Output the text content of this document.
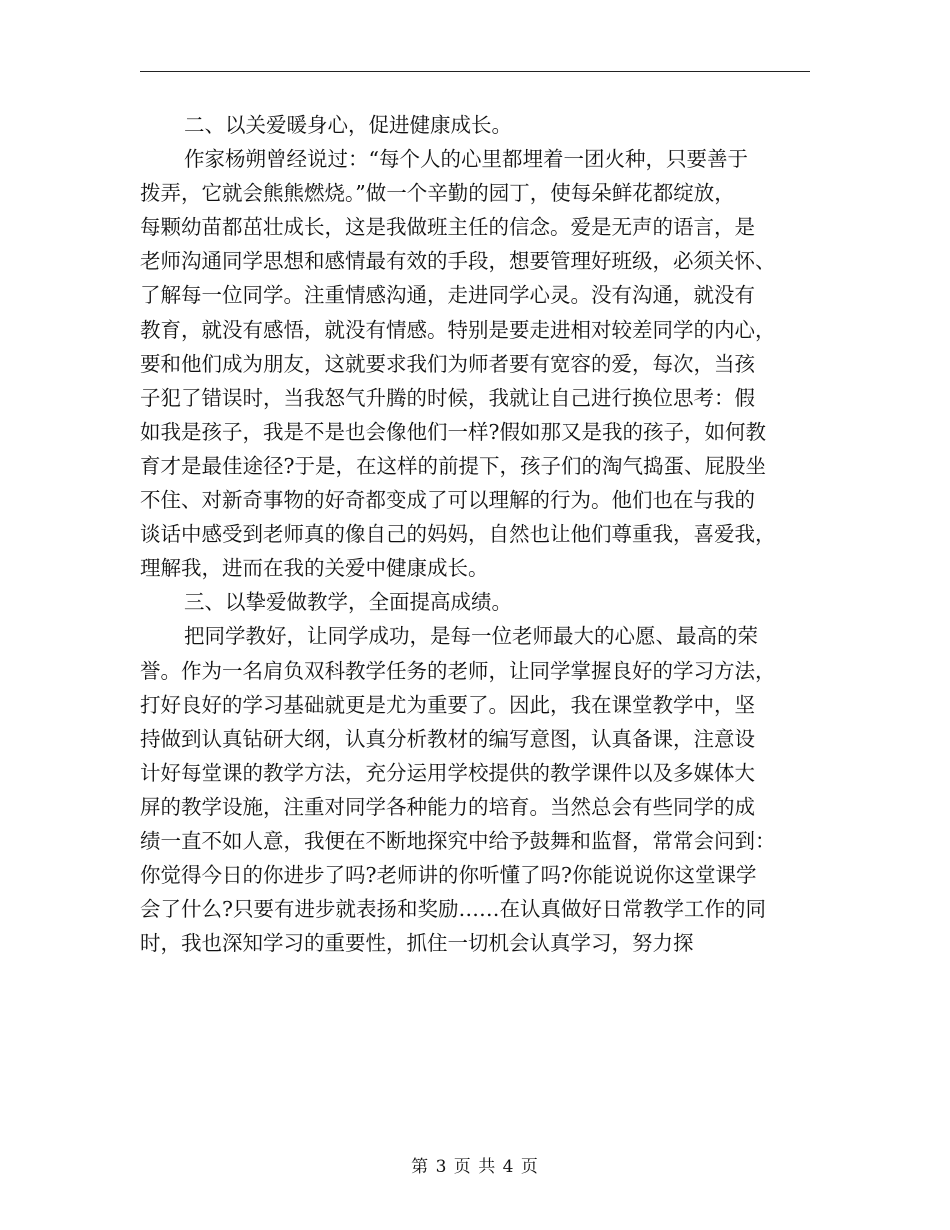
二、以关爱暖身心，促进健康成长。
作家杨朔曾经说过：“每个人的心里都埋着一团火种，只要善于
拨弄，它就会熊熊燃烧。”做一个辛勤的园丁，使每朵鲜花都绽放，
每颗幼苗都茁壮成长，这是我做班主任的信念。爱是无声的语言，是
老师沟通同学思想和感情最有效的手段，想要管理好班级，必须关怀、
了解每一位同学。注重情感沟通，走进同学心灵。没有沟通，就没有
教育，就没有感悟，就没有情感。特别是要走进相对较差同学的内心，
要和他们成为朋友，这就要求我们为师者要有宽容的爱，每次，当孩
子犯了错误时，当我怒气升腾的时候，我就让自己进行换位思考：假
如我是孩子，我是不是也会像他们一样?假如那又是我的孩子，如何教
育才是最佳途径?于是，在这样的前提下，孩子们的淘气捣蛋、屁股坐
不住、对新奇事物的好奇都变成了可以理解的行为。他们也在与我的
谈话中感受到老师真的像自己的妈妈，自然也让他们尊重我，喜爱我，
理解我，进而在我的关爱中健康成长。
三、以挚爱做教学，全面提高成绩。
把同学教好，让同学成功，是每一位老师最大的心愿、最高的荣
誉。作为一名肩负双科教学任务的老师，让同学掌握良好的学习方法，
打好良好的学习基础就更是尤为重要了。因此，我在课堂教学中，坚
持做到认真钻研大纲，认真分析教材的编写意图，认真备课，注意设
计好每堂课的教学方法，充分运用学校提供的教学课件以及多媒体大
屏的教学设施，注重对同学各种能力的培育。当然总会有些同学的成
绩一直不如人意，我便在不断地探究中给予鼓舞和监督，常常会问到：
你觉得今日的你进步了吗?老师讲的你听懂了吗?你能说说你这堂课学
会了什么?只要有进步就表扬和奖励……在认真做好日常教学工作的同
时，我也深知学习的重要性，抓住一切机会认真学习，努力探
第 3 页 共 4 页
